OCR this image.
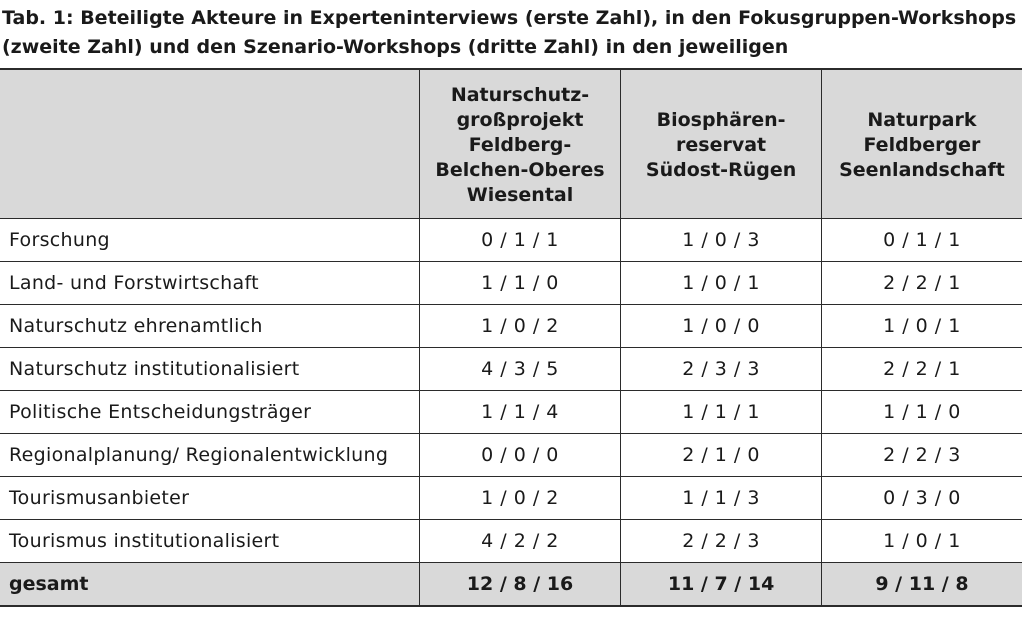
Tab. 1: Beteiligte Akteure in Experteninterviews (erste Zahl), in den Fokusgruppen-Workshops
(zweite Zahl) und den Szenario-Workshops (dritte Zahl) in den jeweiligen

	Naturschutz-
großprojekt
Feldberg-
Belchen-Oberes
Wiesental	Biosphären-
reservat
Südost-Rügen	Naturpark
Feldberger
Seenlandschaft

Forschung	0 / 1 / 1	1 / 0 / 3	0 / 1 / 1
Land- und Forstwirtschaft	1 / 1 / 0	1 / 0 / 1	2 / 2 / 1
Naturschutz ehrenamtlich	1 / 0 / 2	1 / 0 / 0	1 / 0 / 1
Naturschutz institutionalisiert	4 / 3 / 5	2 / 3 / 3	2 / 2 / 1
Politische Entscheidungsträger	1 / 1 / 4	1 / 1 / 1	1 / 1 / 0
Regionalplanung/ Regionalentwicklung	0 / 0 / 0	2 / 1 / 0	2 / 2 / 3
Tourismusanbieter	1 / 0 / 2	1 / 1 / 3	0 / 3 / 0
Tourismus institutionalisiert	4 / 2 / 2	2 / 2 / 3	1 / 0 / 1
gesamt	12 / 8 / 16	11 / 7 / 14	9 / 11 / 8
